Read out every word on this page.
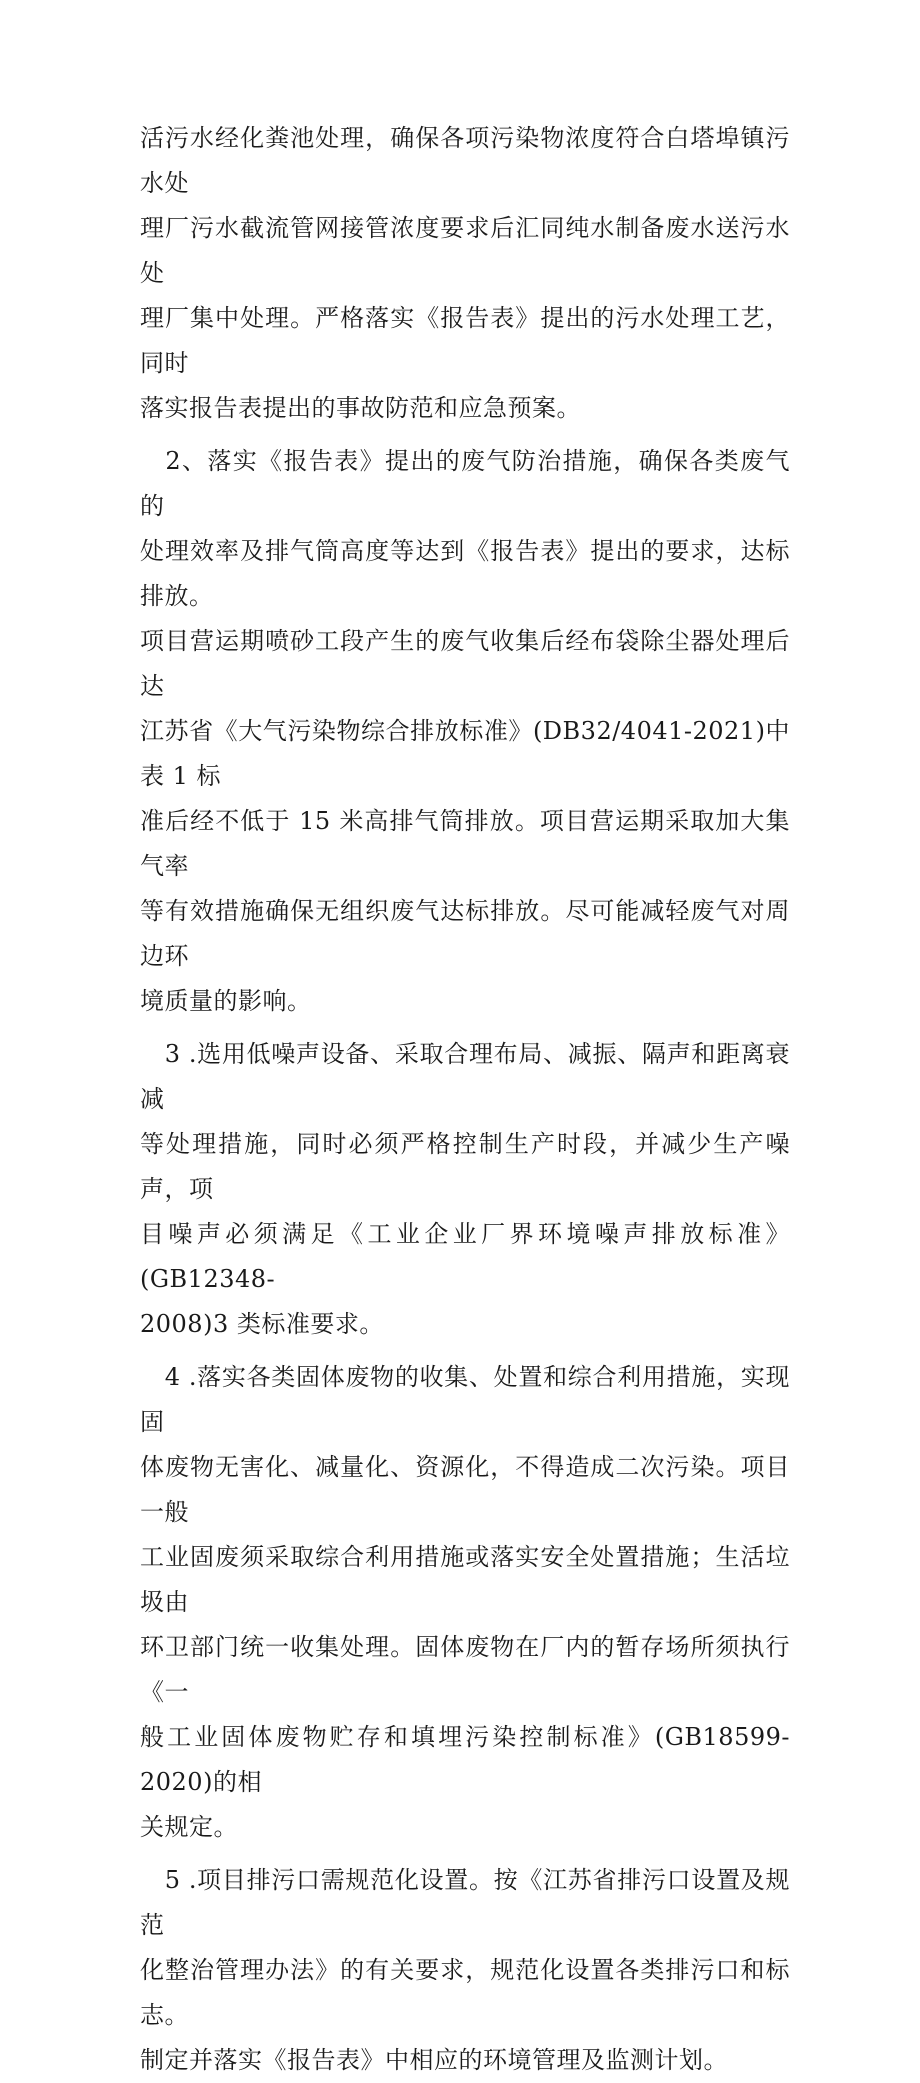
活污水经化粪池处理，确保各项污染物浓度符合白塔埠镇污水处
理厂污水截流管网接管浓度要求后汇同纯水制备废水送污水处
理厂集中处理。严格落实《报告表》提出的污水处理工艺，同时
落实报告表提出的事故防范和应急预案。

　2、落实《报告表》提出的废气防治措施，确保各类废气的
处理效率及排气筒高度等达到《报告表》提出的要求，达标排放。
项目营运期喷砂工段产生的废气收集后经布袋除尘器处理后达
江苏省《大气污染物综合排放标准》(DB32/4041-2021)中表 1 标
准后经不低于 15 米高排气筒排放。项目营运期采取加大集气率
等有效措施确保无组织废气达标排放。尽可能减轻废气对周边环
境质量的影响。

　3 .选用低噪声设备、采取合理布局、减振、隔声和距离衰减
等处理措施，同时必须严格控制生产时段，并减少生产噪声，项
目噪声必须满足《工业企业厂界环境噪声排放标准》(GB12348-
2008)3 类标准要求。

　4 .落实各类固体废物的收集、处置和综合利用措施，实现固
体废物无害化、减量化、资源化，不得造成二次污染。项目一般
工业固废须采取综合利用措施或落实安全处置措施；生活垃圾由
环卫部门统一收集处理。固体废物在厂内的暂存场所须执行《一
般工业固体废物贮存和填埋污染控制标准》(GB18599-2020)的相
关规定。

　5 .项目排污口需规范化设置。按《江苏省排污口设置及规范
化整治管理办法》的有关要求，规范化设置各类排污口和标志。
制定并落实《报告表》中相应的环境管理及监测计划。
